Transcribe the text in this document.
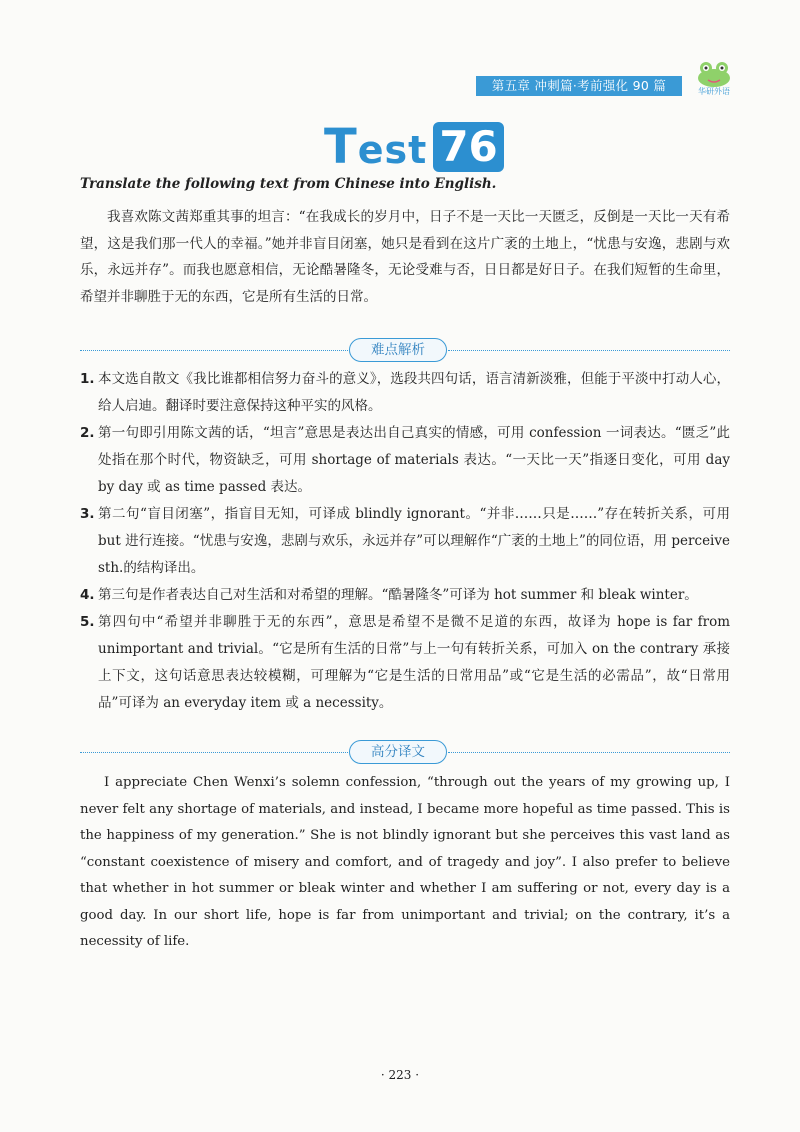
第五章 冲刺篇·考前强化 90 篇	华研外语
Test 76
Translate the following text from Chinese into English.
我喜欢陈文茜郑重其事的坦言：“在我成长的岁月中，日子不是一天比一天匮乏，反倒是一天比一天有希望，这是我们那一代人的幸福。”她并非盲目闭塞，她只是看到在这片广袤的土地上，“忧患与安逸，悲剧与欢乐，永远并存”。而我也愿意相信，无论酷暑隆冬，无论受难与否，日日都是好日子。在我们短暂的生命里，希望并非聊胜于无的东西，它是所有生活的日常。
难点解析
1 . 本文选自散文《我比谁都相信努力奋斗的意义》，选段共四句话，语言清新淡雅，但能于平淡中打动人心，给人启迪。翻译时要注意保持这种平实的风格。
2 . 第一句即引用陈文茜的话，“坦言”意思是表达出自己真实的情感，可用 confession 一词表达。“匮乏”此处指在那个时代，物资缺乏，可用 shortage of materials 表达。“一天比一天”指逐日变化，可用 day by day 或 as time passed 表达。
3 . 第二句“盲目闭塞”，指盲目无知，可译成 blindly ignorant。“并非……只是……”存在转折关系，可用 but 进行连接。“忧患与安逸，悲剧与欢乐，永远并存”可以理解作“广袤的土地上”的同位语，用 perceive sth.的结构译出。
4 . 第三句是作者表达自己对生活和对希望的理解。“酷暑隆冬”可译为 hot summer 和 bleak winter。
5 . 第四句中“希望并非聊胜于无的东西”，意思是希望不是微不足道的东西，故译为 hope is far from unimportant and trivial。“它是所有生活的日常”与上一句有转折关系，可加入 on the contrary 承接上下文，这句话意思表达较模糊，可理解为“它是生活的日常用品”或“它是生活的必需品”，故“日常用品”可译为 an everyday item 或 a necessity。
高分译文
I appreciate Chen Wenxi’s solemn confession, “through out the years of my growing up, I never felt any shortage of materials, and instead, I became more hopeful as time passed. This is the happiness of my generation.” She is not blindly ignorant but she perceives this vast land as “constant coexistence of misery and comfort, and of tragedy and joy”. I also prefer to believe that whether in hot summer or bleak winter and whether I am suffering or not, every day is a good day. In our short life, hope is far from unimportant and trivial; on the contrary, it’s a necessity of life.
· 223 ·
